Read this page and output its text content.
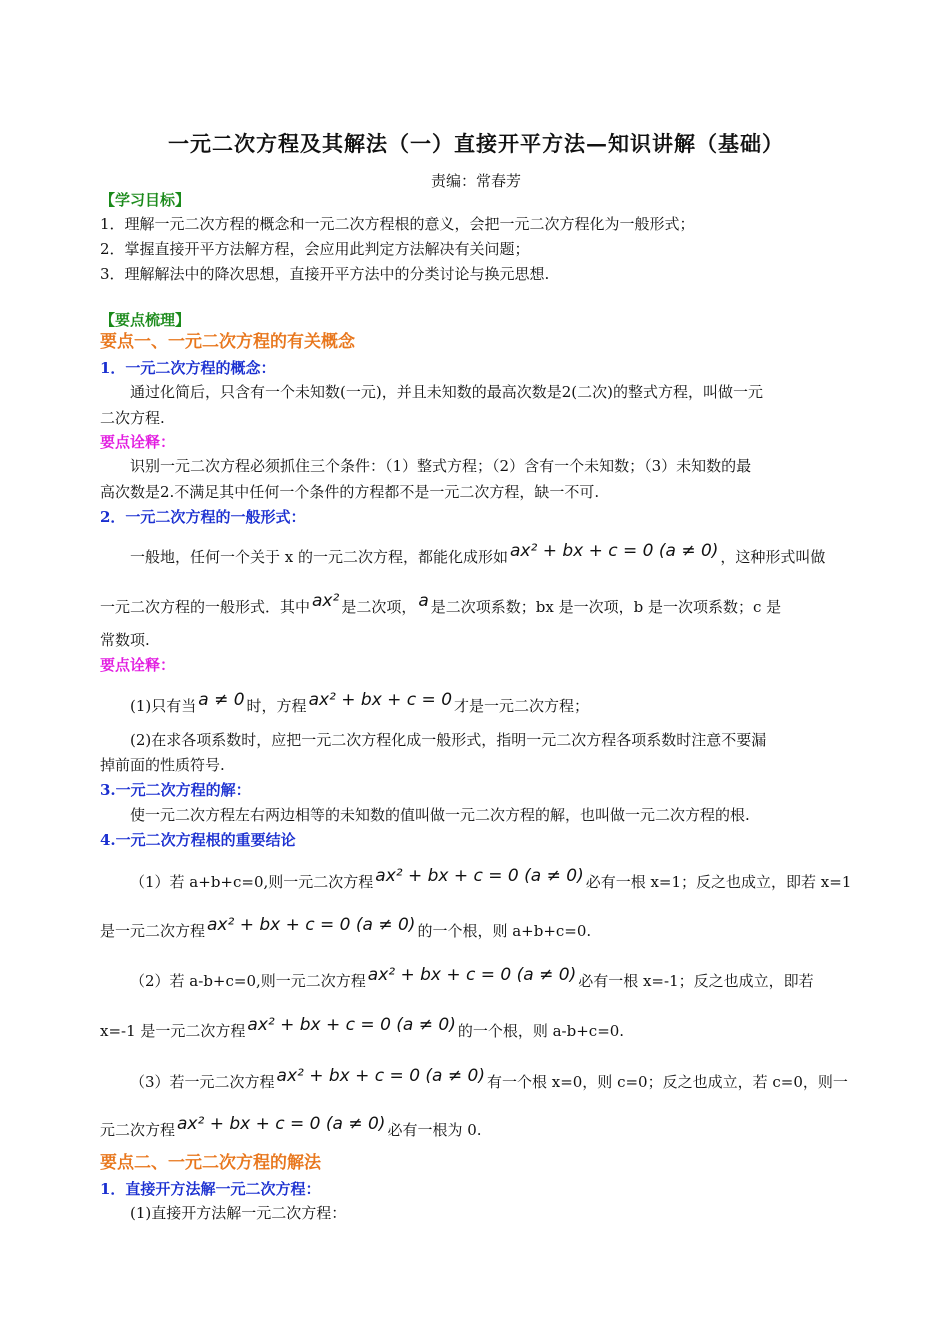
一元二次方程及其解法（一）直接开平方法—知识讲解（基础）
责编：常春芳
【学习目标】
1．理解一元二次方程的概念和一元二次方程根的意义，会把一元二次方程化为一般形式；
2．掌握直接开平方法解方程，会应用此判定方法解决有关问题；
3．理解解法中的降次思想，直接开平方法中的分类讨论与换元思想.
【要点梳理】
要点一、一元二次方程的有关概念
1．一元二次方程的概念：
通过化简后，只含有一个未知数(一元)，并且未知数的最高次数是2(二次)的整式方程，叫做一元
二次方程.
要点诠释：
识别一元二次方程必须抓住三个条件：（1）整式方程；（2）含有一个未知数；（3）未知数的最
高次数是2.不满足其中任何一个条件的方程都不是一元二次方程，缺一不可.
2．一元二次方程的一般形式：
一般地，任何一个关于 x 的一元二次方程，都能化成形如 ax² + bx + c = 0 (a ≠ 0) ，这种形式叫做
一元二次方程的一般形式．其中 ax² 是二次项， a 是二次项系数；bx 是一次项，b 是一次项系数；c 是
常数项.
要点诠释：
(1)只有当 a ≠ 0 时，方程 ax² + bx + c = 0 才是一元二次方程；
(2)在求各项系数时，应把一元二次方程化成一般形式，指明一元二次方程各项系数时注意不要漏
掉前面的性质符号.
3.一元二次方程的解：
使一元二次方程左右两边相等的未知数的值叫做一元二次方程的解，也叫做一元二次方程的根.
4.一元二次方程根的重要结论
（1）若 a+b+c=0,则一元二次方程 ax² + bx + c = 0 (a ≠ 0) 必有一根 x=1；反之也成立，即若 x=1
是一元二次方程 ax² + bx + c = 0 (a ≠ 0) 的一个根，则 a+b+c=0.
（2）若 a-b+c=0,则一元二次方程 ax² + bx + c = 0 (a ≠ 0) 必有一根 x=-1；反之也成立，即若
x=-1 是一元二次方程 ax² + bx + c = 0 (a ≠ 0) 的一个根，则 a-b+c=0.
（3）若一元二次方程 ax² + bx + c = 0 (a ≠ 0) 有一个根 x=0，则 c=0；反之也成立，若 c=0，则一
元二次方程 ax² + bx + c = 0 (a ≠ 0) 必有一根为 0.
要点二、一元二次方程的解法
1．直接开方法解一元二次方程：
(1)直接开方法解一元二次方程：
